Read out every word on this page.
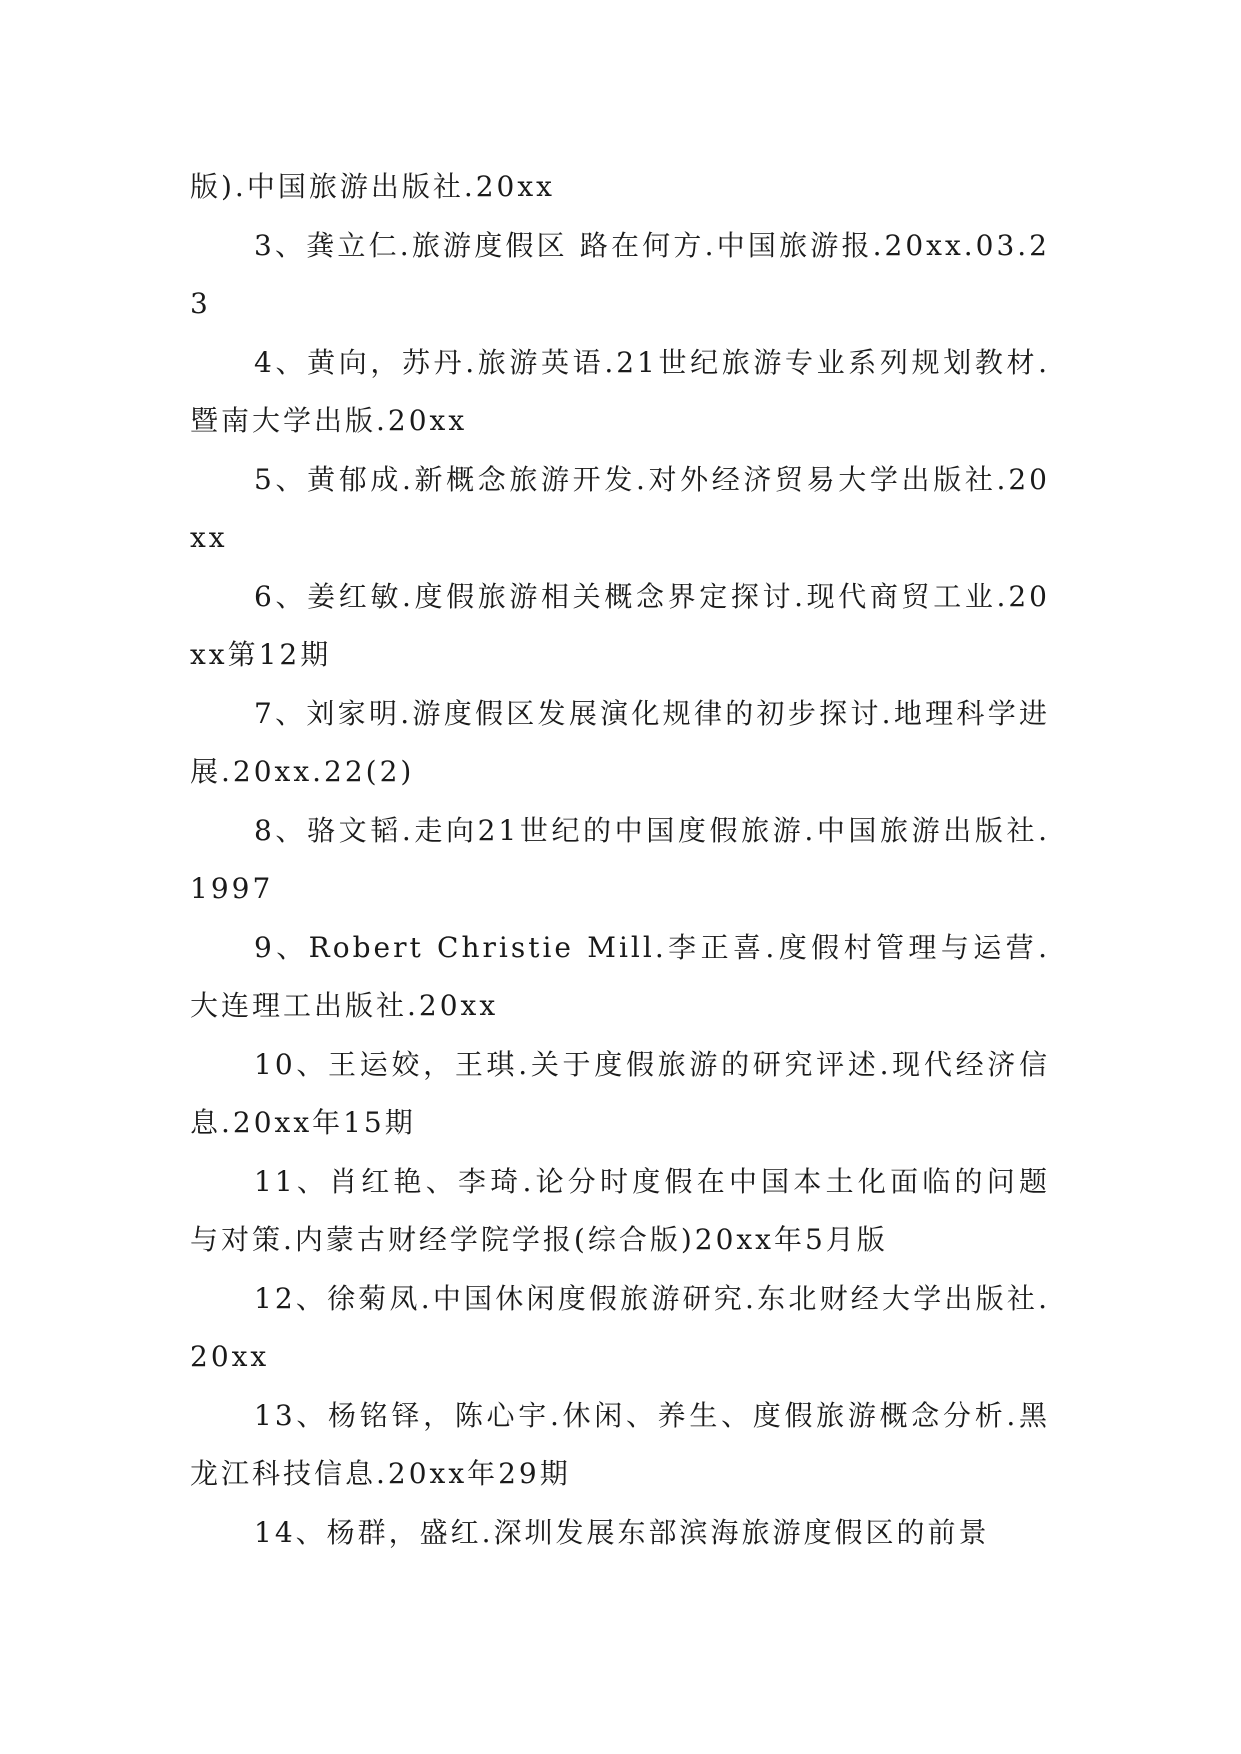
版).中国旅游出版社.20xx

3、龚立仁.旅游度假区 路在何方.中国旅游报.20xx.03.23

4、黄向，苏丹.旅游英语.21世纪旅游专业系列规划教材.暨南大学出版.20xx

5、黄郁成.新概念旅游开发.对外经济贸易大学出版社.20xx

6、姜红敏.度假旅游相关概念界定探讨.现代商贸工业.20xx第12期

7、刘家明.游度假区发展演化规律的初步探讨.地理科学进展.20xx.22(2)

8、骆文韬.走向21世纪的中国度假旅游.中国旅游出版社.1997

9、Robert Christie Mill.李正喜.度假村管理与运营.大连理工出版社.20xx

10、王运姣，王琪.关于度假旅游的研究评述.现代经济信息.20xx年15期

11、肖红艳、李琦.论分时度假在中国本土化面临的问题与对策.内蒙古财经学院学报(综合版)20xx年5月版

12、徐菊凤.中国休闲度假旅游研究.东北财经大学出版社. 20xx

13、杨铭铎，陈心宇.休闲、养生、度假旅游概念分析.黑龙江科技信息.20xx年29期

14、杨群，盛红.深圳发展东部滨海旅游度假区的前景
